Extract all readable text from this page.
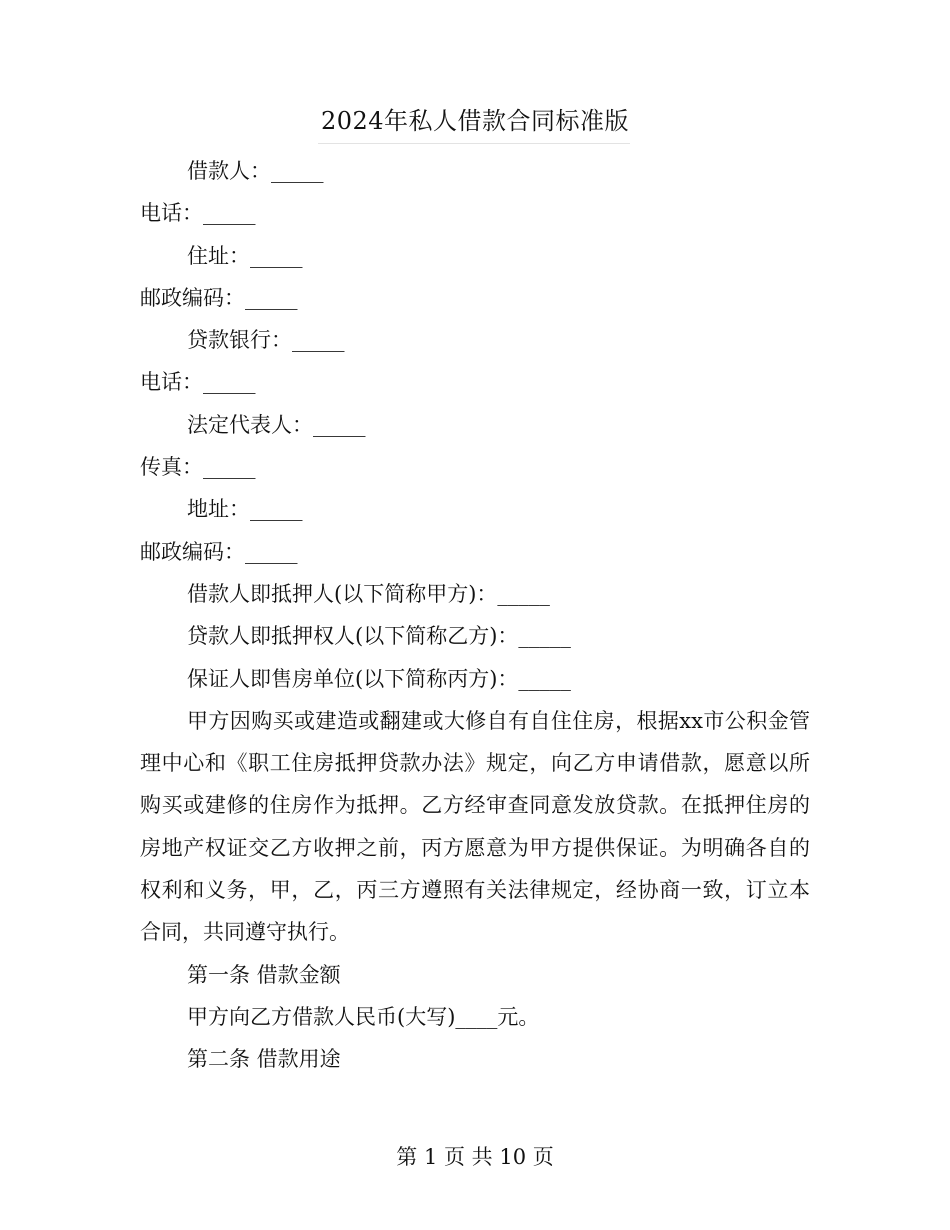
2024年私人借款合同标准版
借款人：_____
电话：_____
住址：_____
邮政编码：_____
贷款银行：_____
电话：_____
法定代表人：_____
传真：_____
地址：_____
邮政编码：_____
借款人即抵押人(以下简称甲方)：_____
贷款人即抵押权人(以下简称乙方)：_____
保证人即售房单位(以下简称丙方)：_____

甲方因购买或建造或翻建或大修自有自住住房，根据xx市公积金管理中心和《职工住房抵押贷款办法》规定，向乙方申请借款，愿意以所购买或建修的住房作为抵押。乙方经审查同意发放贷款。在抵押住房的房地产权证交乙方收押之前，丙方愿意为甲方提供保证。为明确各自的权利和义务，甲，乙，丙三方遵照有关法律规定，经协商一致，订立本合同，共同遵守执行。

第一条 借款金额
甲方向乙方借款人民币(大写)____元。
第二条 借款用途
第 1 页 共 10 页
